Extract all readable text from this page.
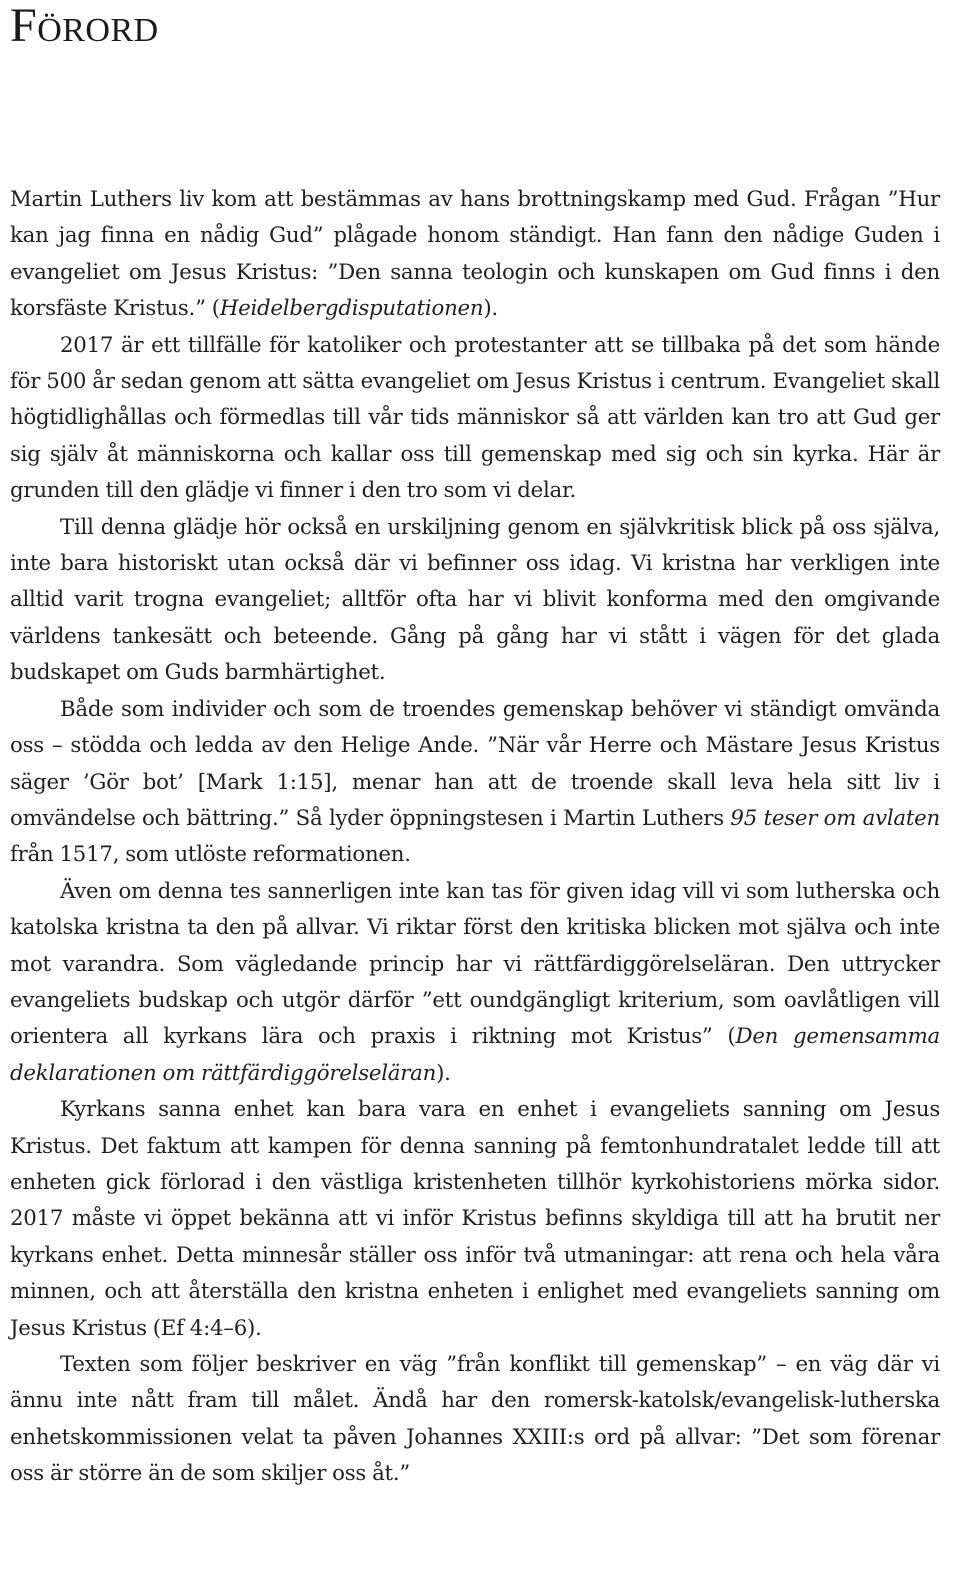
Förord

Martin Luthers liv kom att bestämmas av hans brottningskamp med Gud. Frågan ”Hur kan jag finna en nådig Gud” plågade honom ständigt. Han fann den nådige Guden i evangeliet om Jesus Kristus: ”Den sanna teologin och kunskapen om Gud finns i den korsfäste Kristus.” (Heidelbergdisputationen).

2017 är ett tillfälle för katoliker och protestanter att se tillbaka på det som hände för 500 år sedan genom att sätta evangeliet om Jesus Kristus i centrum. Evangeliet skall högtidlighållas och förmedlas till vår tids människor så att världen kan tro att Gud ger sig själv åt människorna och kallar oss till gemenskap med sig och sin kyrka. Här är grunden till den glädje vi finner i den tro som vi delar.

Till denna glädje hör också en urskiljning genom en självkritisk blick på oss själva, inte bara historiskt utan också där vi befinner oss idag. Vi kristna har verkligen inte alltid varit trogna evangeliet; alltför ofta har vi blivit konforma med den omgivande världens tankesätt och beteende. Gång på gång har vi stått i vägen för det glada budskapet om Guds barmhärtighet.

Både som individer och som de troendes gemenskap behöver vi ständigt omvända oss – stödda och ledda av den Helige Ande. ”När vår Herre och Mästare Jesus Kristus säger ’Gör bot’ [Mark 1:15], menar han att de troende skall leva hela sitt liv i omvändelse och bättring.” Så lyder öppningstesen i Martin Luthers 95 teser om avlaten från 1517, som utlöste reformationen.

Även om denna tes sannerligen inte kan tas för given idag vill vi som lutherska och katolska kristna ta den på allvar. Vi riktar först den kritiska blicken mot själva och inte mot varandra. Som vägledande princip har vi rättfärdiggörelseläran. Den uttrycker evangeliets budskap och utgör därför ”ett oundgängligt kriterium, som oavlåtligen vill orientera all kyrkans lära och praxis i riktning mot Kristus” (Den gemensamma deklarationen om rättfärdiggörelseläran).

Kyrkans sanna enhet kan bara vara en enhet i evangeliets sanning om Jesus Kristus. Det faktum att kampen för denna sanning på femtonhundratalet ledde till att enheten gick förlorad i den västliga kristenheten tillhör kyrkohistoriens mörka sidor. 2017 måste vi öppet bekänna att vi inför Kristus befinns skyldiga till att ha brutit ner kyrkans enhet. Detta minnesår ställer oss inför två utmaningar: att rena och hela våra minnen, och att återställa den kristna enheten i enlighet med evangeliets sanning om Jesus Kristus (Ef 4:4–6).

Texten som följer beskriver en väg ”från konflikt till gemenskap” – en väg där vi ännu inte nått fram till målet. Ändå har den romersk-katolsk/evangelisk-lutherska enhetskommissionen velat ta påven Johannes XXIII:s ord på allvar: ”Det som förenar oss är större än de som skiljer oss åt.”
